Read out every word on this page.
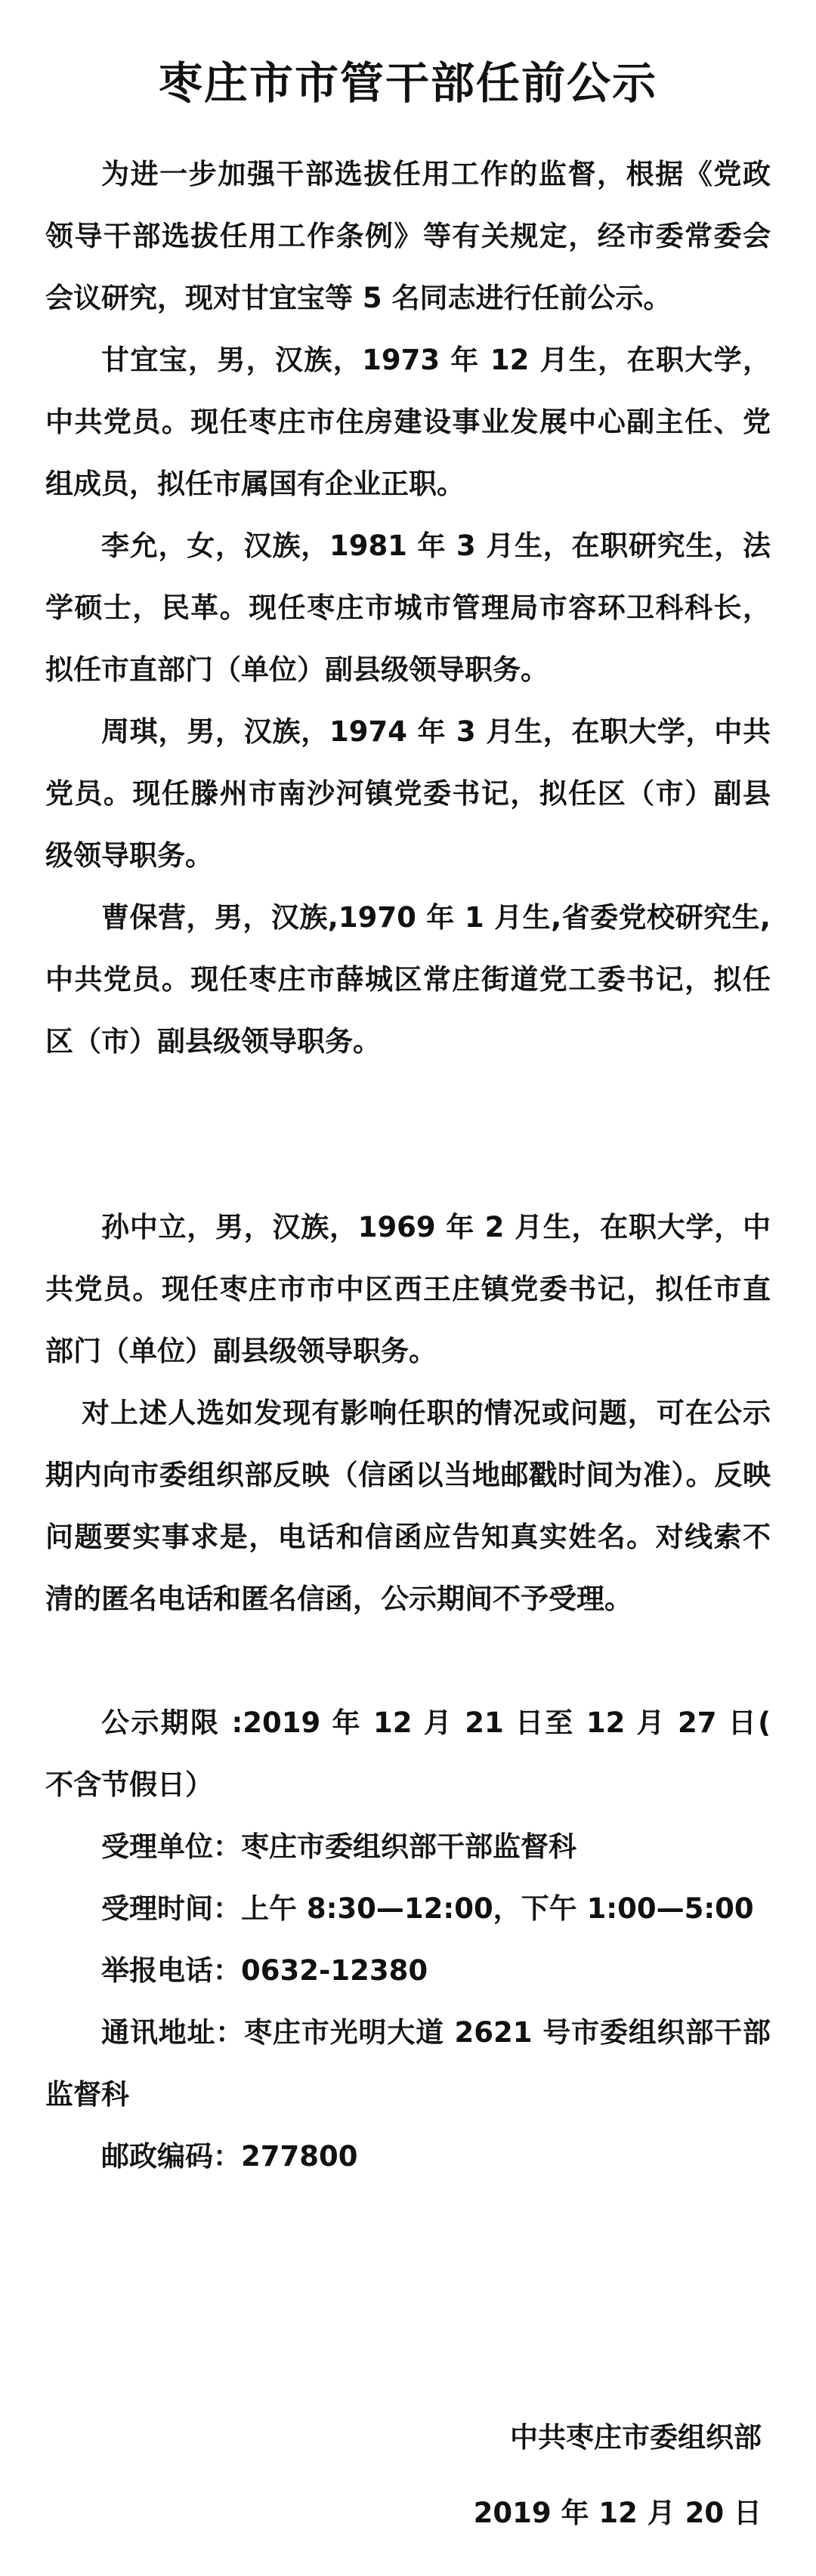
枣庄市市管干部任前公示

为进一步加强干部选拔任用工作的监督，根据《党政领导干部选拔任用工作条例》等有关规定，经市委常委会会议研究，现对甘宜宝等 5 名同志进行任前公示。

甘宜宝，男，汉族，1973 年 12 月生，在职大学，中共党员。现任枣庄市住房建设事业发展中心副主任、党组成员，拟任市属国有企业正职。

李允，女，汉族，1981 年 3 月生，在职研究生，法学硕士，民革。现任枣庄市城市管理局市容环卫科科长，拟任市直部门（单位）副县级领导职务。

周琪，男，汉族，1974 年 3 月生，在职大学，中共党员。现任滕州市南沙河镇党委书记，拟任区（市）副县级领导职务。

曹保营，男，汉族,1970 年 1 月生,省委党校研究生,中共党员。现任枣庄市薛城区常庄街道党工委书记，拟任区（市）副县级领导职务。

孙中立，男，汉族，1969 年 2 月生，在职大学，中共党员。现任枣庄市市中区西王庄镇党委书记，拟任市直部门（单位）副县级领导职务。

对上述人选如发现有影响任职的情况或问题，可在公示期内向市委组织部反映（信函以当地邮戳时间为准）。反映问题要实事求是，电话和信函应告知真实姓名。对线索不清的匿名电话和匿名信函，公示期间不予受理。

公示期限 :2019 年 12 月 21 日至 12 月 27 日( 不含节假日）

受理单位：枣庄市委组织部干部监督科

受理时间：上午 8:30—12:00，下午 1:00—5:00

举报电话：0632-12380

通讯地址：枣庄市光明大道 2621 号市委组织部干部监督科

邮政编码：277800

中共枣庄市委组织部
2019 年 12 月 20 日
